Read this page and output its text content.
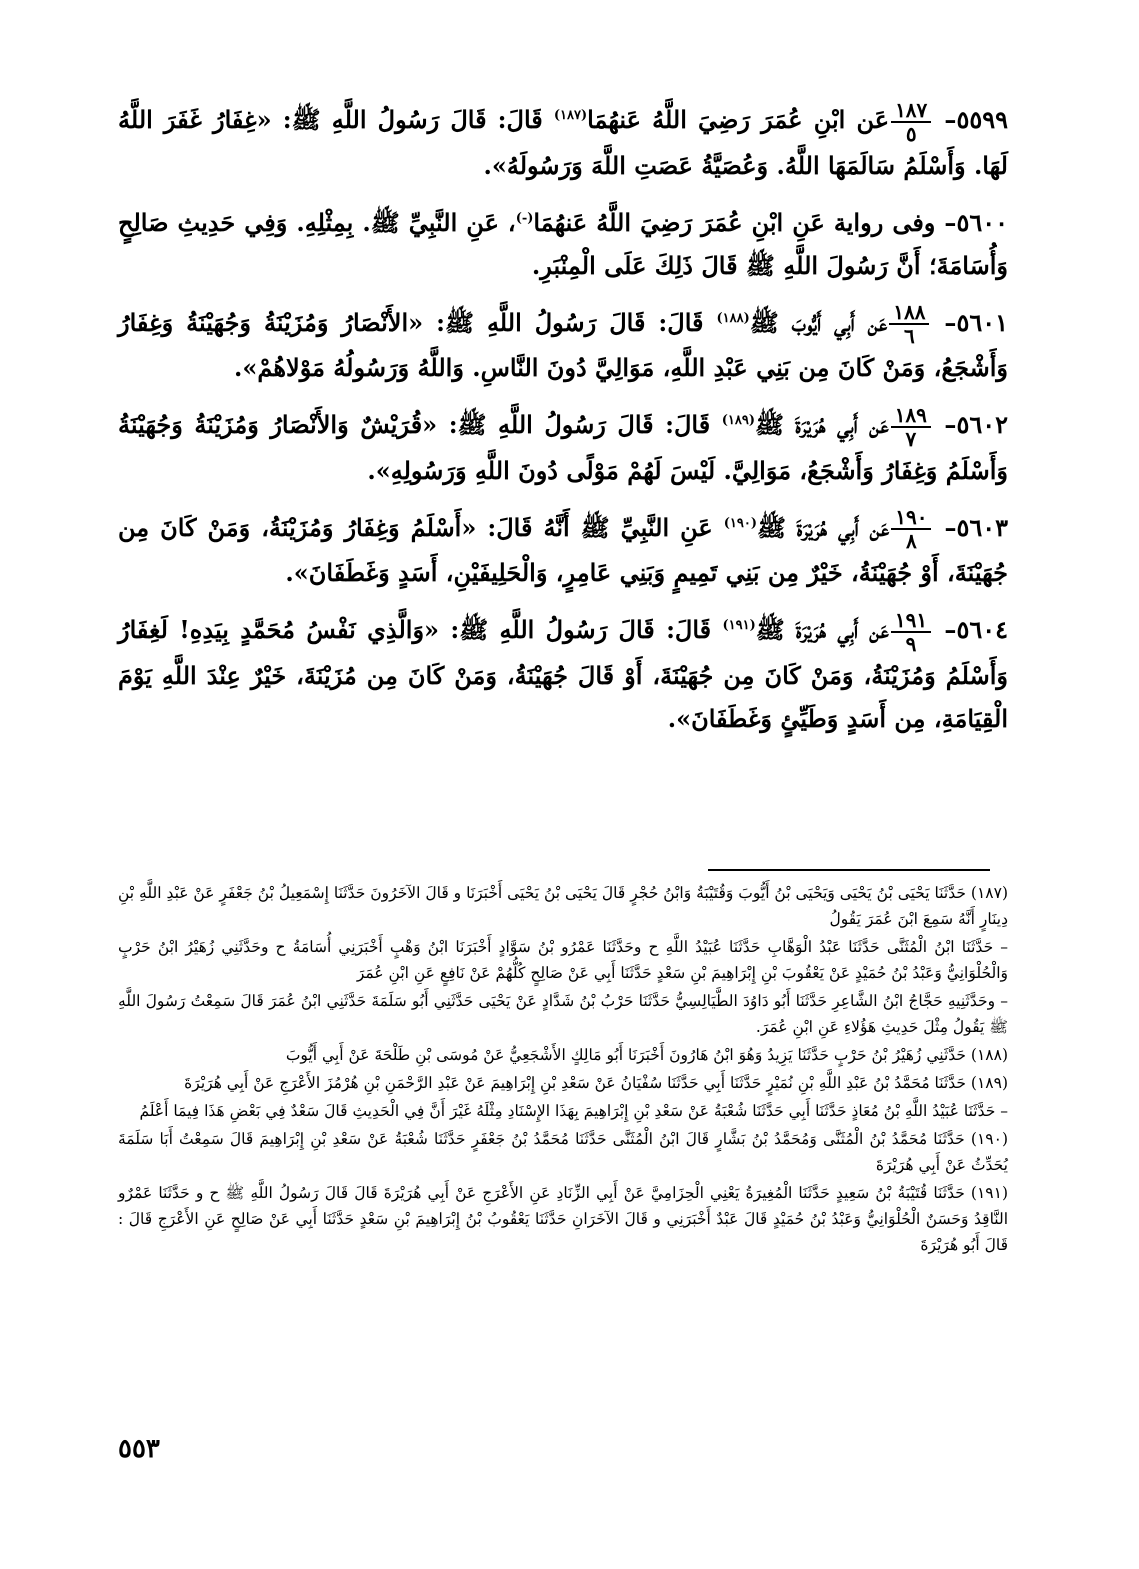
٥٥٩٩–
$\frac{١٨٧}{٥}$
عَن ابْنِ عُمَرَ رَضِيَ اللَّهُ عَنهُمَا$^{(١٨٧)}$ قَالَ: قَالَ رَسُولُ اللَّهِ ﷺ: «غِفَارُ غَفَرَ اللَّهُ لَهَا. وَأَسْلَمُ سَالَمَهَا اللَّهُ. وَعُصَيَّةُ عَصَتِ اللَّهَ وَرَسُولَهُ».

٥٦٠٠– وفى رواية عَنِ ابْنِ عُمَرَ رَضِيَ اللَّهُ عَنهُمَا(-)، عَنِ النَّبِيِّ ﷺ. بِمِثْلِهِ. وَفِي حَدِيثِ صَالِحٍ وَأُسَامَةَ؛ أَنَّ رَسُولَ اللَّهِ ﷺ قَالَ ذَلِكَ عَلَى الْمِنْبَرِ.

٥٦٠١–
$\frac{١٨٨}{٦}$
عَن أَبِي أَيُّوبَ ﷺ$^{(١٨٨)}$ قَالَ: قَالَ رَسُولُ اللَّهِ ﷺ: «الأَنْصَارُ وَمُزَيْنَةُ وَجُهَيْنَةُ وَغِفَارُ وَأَشْجَعُ، وَمَنْ كَانَ مِن بَنِي عَبْدِ اللَّهِ، مَوَالِيَّ دُونَ النَّاسِ. وَاللَّهُ وَرَسُولُهُ مَوْلاهُمْ».

٥٦٠٢–
$\frac{١٨٩}{٧}$
عَن أَبِي هُرَيْرَةَ ﷺ$^{(١٨٩)}$ قَالَ: قَالَ رَسُولُ اللَّهِ ﷺ: «قُرَيْشٌ وَالأَنْصَارُ وَمُزَيْنَةُ وَجُهَيْنَةُ وَأَسْلَمُ وَغِفَارُ وَأَشْجَعُ، مَوَالِيَّ. لَيْسَ لَهُمْ مَوْلًى دُونَ اللَّهِ وَرَسُولِهِ».

٥٦٠٣–
$\frac{١٩٠}{٨}$
عَن أَبِي هُرَيْرَةَ ﷺ$^{(١٩٠)}$ عَنِ النَّبِيِّ ﷺ أَنَّهُ قَالَ: «أَسْلَمُ وَغِفَارُ وَمُزَيْنَةُ، وَمَنْ كَانَ مِن جُهَيْنَةَ، أَوْ جُهَيْنَةُ، خَيْرٌ مِن بَنِي تَمِيمٍ وَبَنِي عَامِرٍ، وَالْحَلِيفَيْنِ، أَسَدٍ وَغَطَفَانَ».

٥٦٠٤–
$\frac{١٩١}{٩}$
عَن أَبِي هُرَيْرَةَ ﷺ$^{(١٩١)}$ قَالَ: قَالَ رَسُولُ اللَّهِ ﷺ: «وَالَّذِي نَفْسُ مُحَمَّدٍ بِيَدِهِ! لَغِفَارُ وَأَسْلَمُ وَمُزَيْنَةُ، وَمَنْ كَانَ مِن جُهَيْنَةَ، أَوْ قَالَ جُهَيْنَةُ، وَمَنْ كَانَ مِن مُزَيْنَةَ، خَيْرٌ عِنْدَ اللَّهِ يَوْمَ الْقِيَامَةِ، مِن أَسَدٍ وَطَيِّئٍ وَغَطَفَانَ».

(١٨٧) حَدَّثَنَا يَحْيَى بْنُ يَحْيَى وَيَحْيَى بْنُ أَيُّوبَ وَقُتَيْبَةُ وَابْنُ حُجْرٍ قَالَ يَحْيَى بْنُ يَحْيَى أَخْبَرَنَا و قَالَ الآخَرُونَ حَدَّثَنَا إِسْمَعِيلُ بْنُ جَعْفَرٍ عَنْ عَبْدِ اللَّهِ بْنِ دِينَارٍ أَنَّهُ سَمِعَ ابْنَ عُمَرَ يَقُولُ

– حَدَّثَنَا ابْنُ الْمُثَنَّى حَدَّثَنَا عَبْدُ الْوَهَّابِ حَدَّثَنَا عُبَيْدُ اللَّهِ ح وحَدَّثَنَا عَمْرُو بْنُ سَوَّادٍ أَخْبَرَنَا ابْنُ وَهْبٍ أَخْبَرَنِي أُسَامَةُ ح وحَدَّثَنِي زُهَيْرُ ابْنُ حَرْبٍ وَالْحُلْوَانِيُّ وَعَبْدُ بْنُ حُمَيْدٍ عَنْ يَعْقُوبَ بْنِ إِبْرَاهِيمَ بْنِ سَعْدٍ حَدَّثَنَا أَبِي عَنْ صَالِحٍ كُلُّهُمْ عَنْ نَافِعٍ عَنِ ابْنِ عُمَرَ

– وحَدَّثَنِيهِ حَجَّاجُ ابْنُ الشَّاعِرِ حَدَّثَنَا أَبُو دَاوُدَ الطَّيَالِسِيُّ حَدَّثَنَا حَرْبُ بْنُ شَدَّادٍ عَنْ يَحْيَى حَدَّثَنِي أَبُو سَلَمَةَ حَدَّثَنِي ابْنُ عُمَرَ قَالَ سَمِعْتُ رَسُولَ اللَّهِ ﷺ يَقُولُ مِثْلَ حَدِيثِ هَؤُلاءِ عَنِ ابْنِ عُمَرَ.

(١٨٨) حَدَّثَنِي زُهَيْرُ بْنُ حَرْبٍ حَدَّثَنَا يَزِيدُ وَهُوَ ابْنُ هَارُونَ أَخْبَرَنَا أَبُو مَالِكٍ الأَشْجَعِيُّ عَنْ مُوسَى بْنِ طَلْحَةَ عَنْ أَبِي أَيُّوبَ

(١٨٩) حَدَّثَنَا مُحَمَّدُ بْنُ عَبْدِ اللَّهِ بْنِ نُمَيْرٍ حَدَّثَنَا أَبِي حَدَّثَنَا سُفْيَانُ عَنْ سَعْدِ بْنِ إِبْرَاهِيمَ عَنْ عَبْدِ الرَّحْمَنِ بْنِ هُرْمُزَ الأَعْرَجِ عَنْ أَبِي هُرَيْرَةَ

– حَدَّثَنَا عُبَيْدُ اللَّهِ بْنُ مُعَاذٍ حَدَّثَنَا أَبِي حَدَّثَنَا شُعْبَةُ عَنْ سَعْدِ بْنِ إِبْرَاهِيمَ بِهَذَا الإِسْنَادِ مِثْلَهُ غَيْرَ أَنَّ فِي الْحَدِيثِ قَالَ سَعْدٌ فِي بَعْضِ هَذَا فِيمَا أَعْلَمُ

(١٩٠) حَدَّثَنَا مُحَمَّدُ بْنُ الْمُثَنَّى وَمُحَمَّدُ بْنُ بَشَّارٍ قَالَ ابْنُ الْمُثَنَّى حَدَّثَنَا مُحَمَّدُ بْنُ جَعْفَرٍ حَدَّثَنَا شُعْبَةُ عَنْ سَعْدِ بْنِ إِبْرَاهِيمَ قَالَ سَمِعْتُ أَبَا سَلَمَةَ يُحَدِّثُ عَنْ أَبِي هُرَيْرَةَ

(١٩١) حَدَّثَنَا قُتَيْبَةُ بْنُ سَعِيدٍ حَدَّثَنَا الْمُغِيرَةُ يَعْنِي الْحِزَامِيَّ عَنْ أَبِي الزِّنَادِ عَنِ الأَعْرَجِ عَنْ أَبِي هُرَيْرَةَ قَالَ قَالَ رَسُولُ اللَّهِ ﷺ ح و حَدَّثَنَا عَمْرٌو النَّاقِدُ وَحَسَنٌ الْحُلْوَانِيُّ وَعَبْدُ بْنُ حُمَيْدٍ قَالَ عَبْدٌ أَخْبَرَنِي و قَالَ الآخَرَانِ حَدَّثَنَا يَعْقُوبُ بْنُ إِبْرَاهِيمَ بْنِ سَعْدٍ حَدَّثَنَا أَبِي عَنْ صَالِحٍ عَنِ الأَعْرَجِ قَالَ : قَالَ أَبُو هُرَيْرَةَ

٥٥٣
